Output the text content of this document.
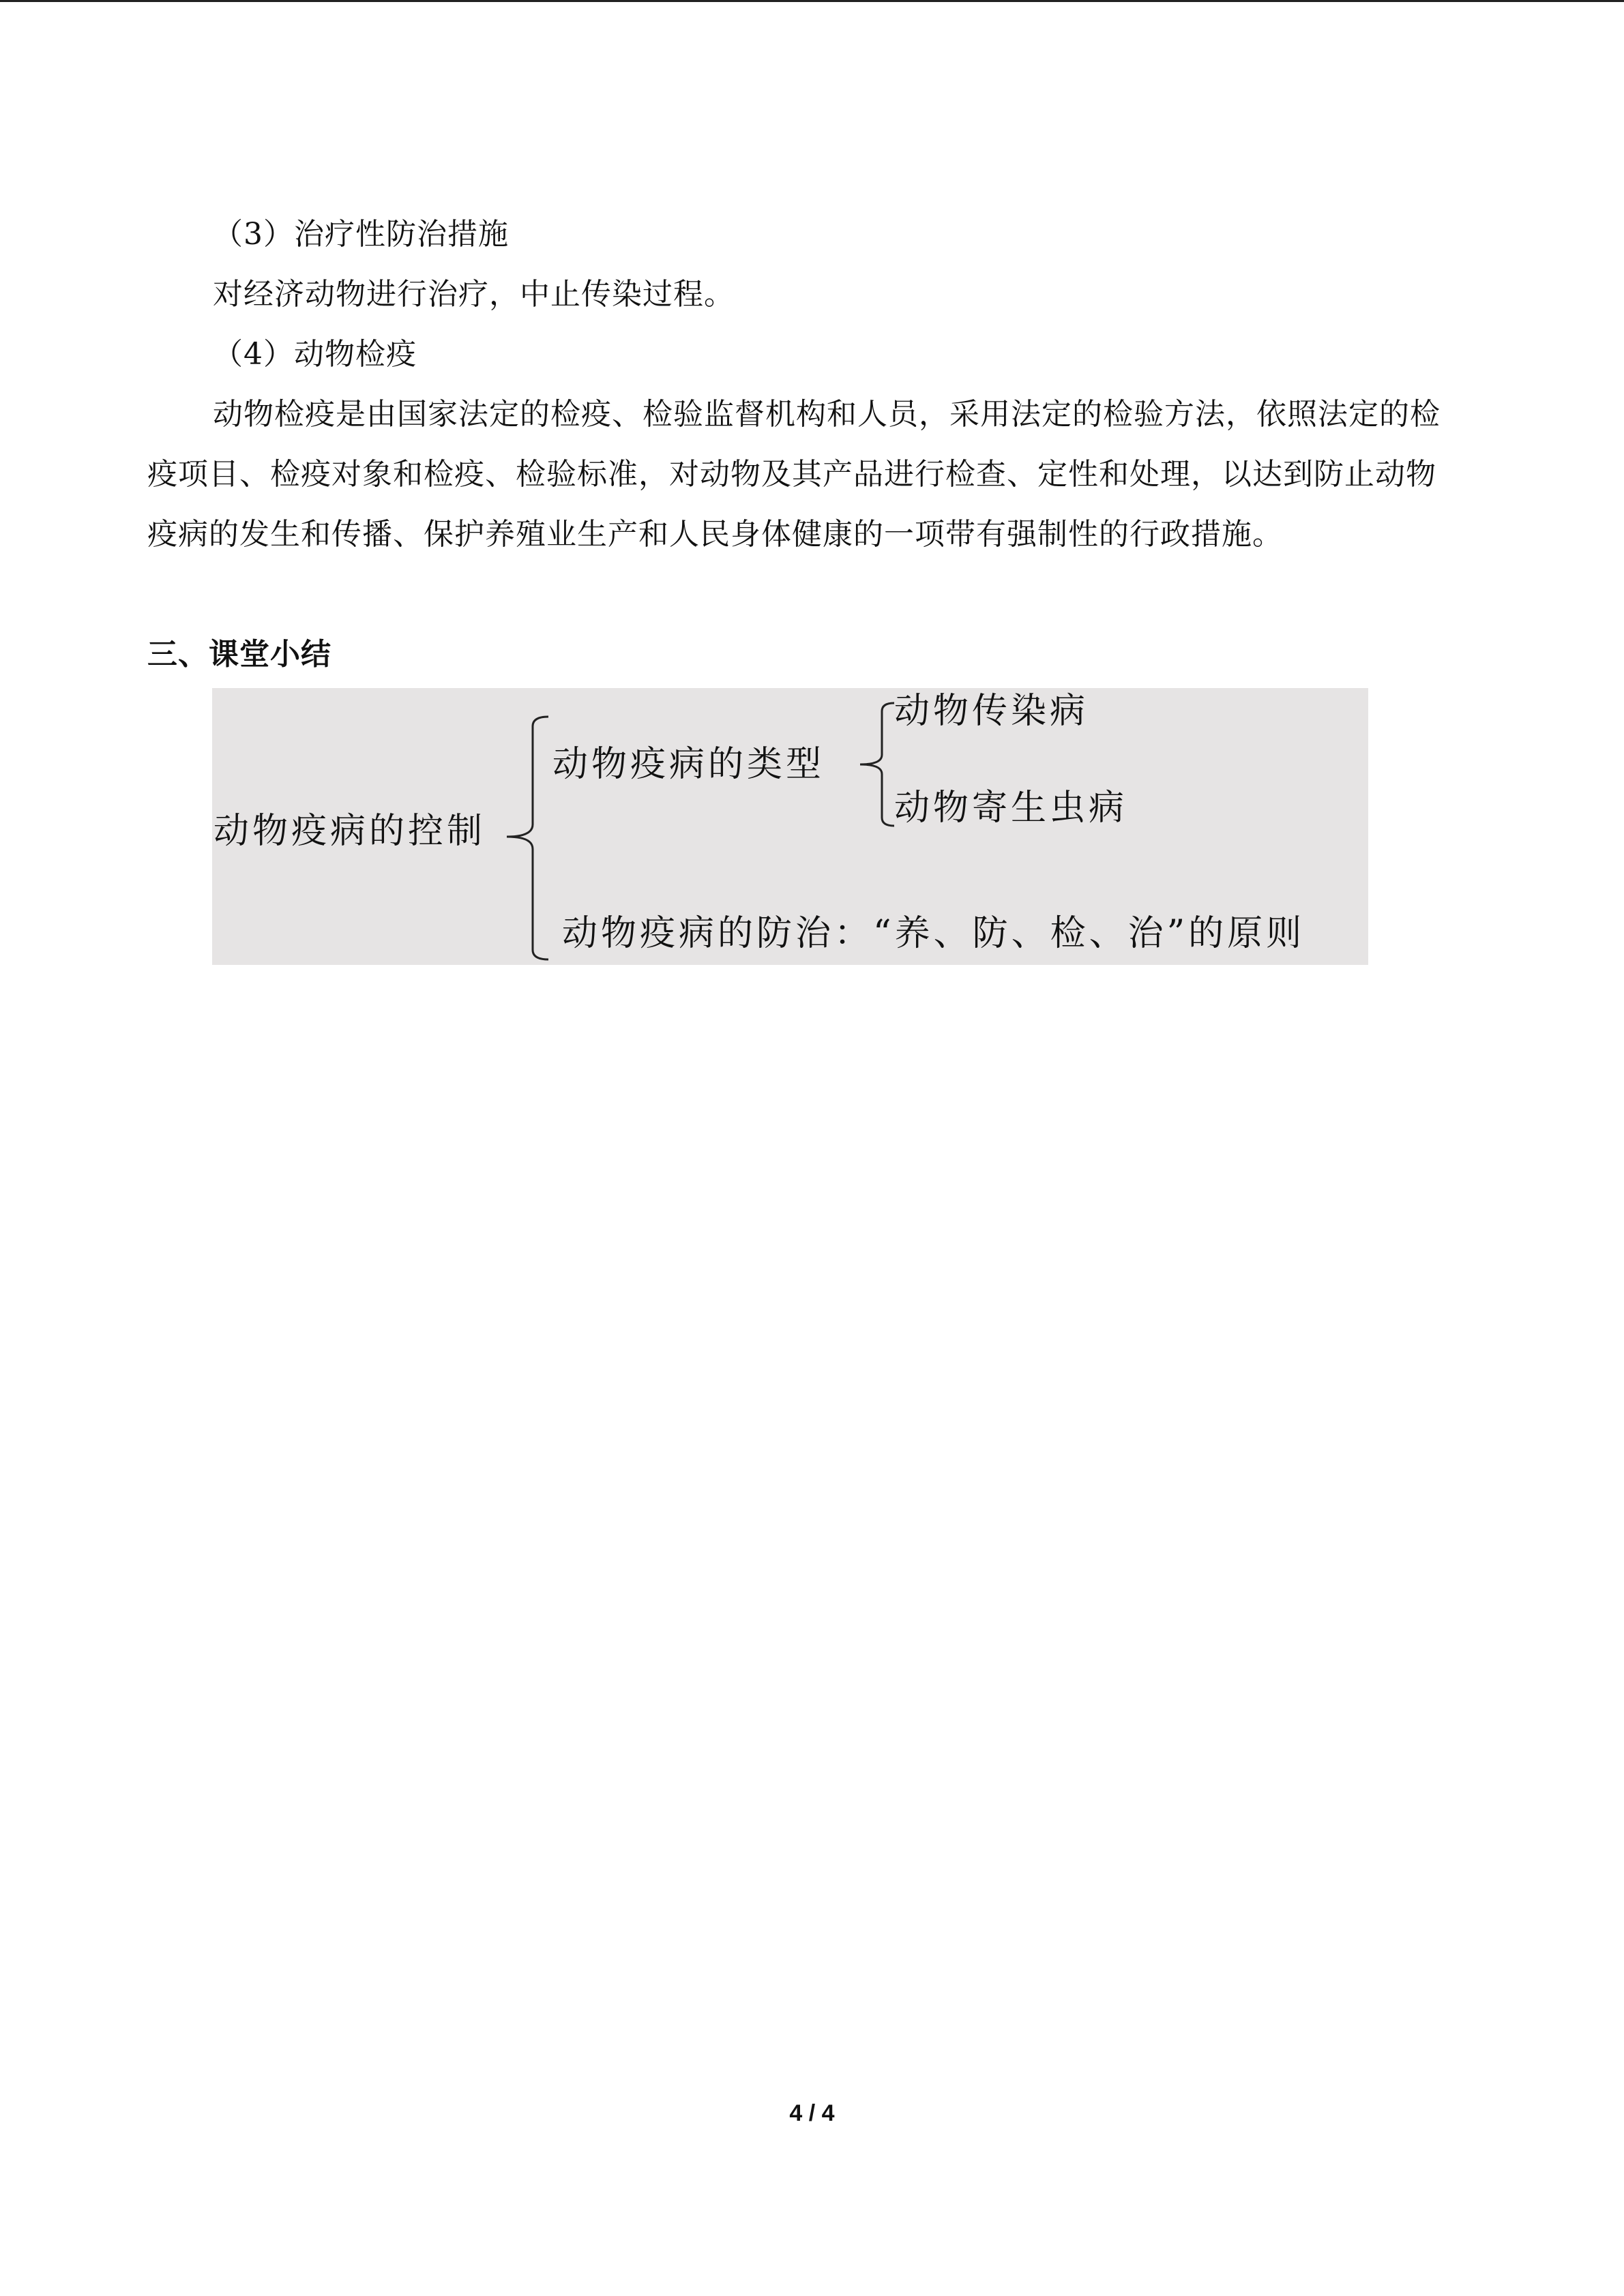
（3）治疗性防治措施

对经济动物进行治疗，中止传染过程。

（4）动物检疫

动物检疫是由国家法定的检疫、检验监督机构和人员，采用法定的检验方法，依照法定的检疫项目、检疫对象和检疫、检验标准，对动物及其产品进行检查、定性和处理，以达到防止动物疫病的发生和传播、保护养殖业生产和人民身体健康的一项带有强制性的行政措施。

三、课堂小结

动物疫病的控制
动物疫病的类型
动物传染病
动物寄生虫病
动物疫病的防治：“养、防、检、治”的原则
4 / 4
